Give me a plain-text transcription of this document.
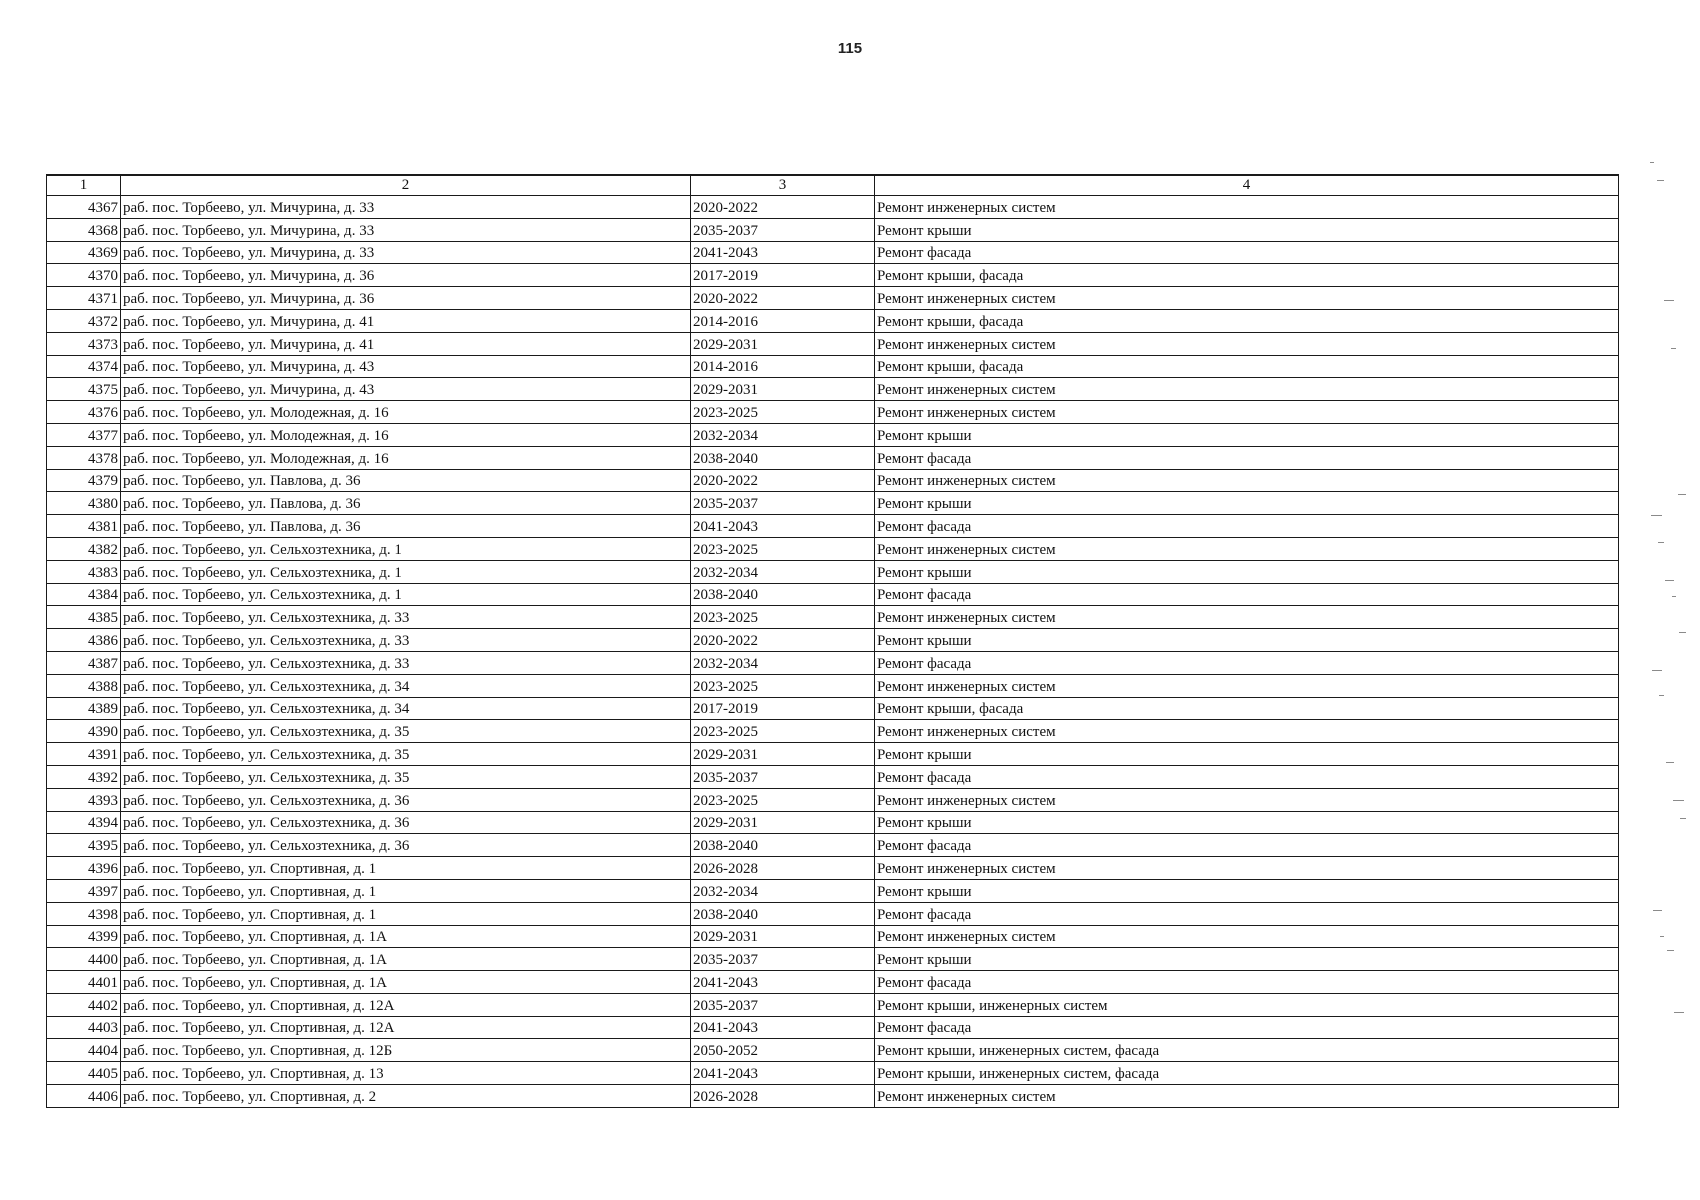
115
1	2	3	4
4367	раб. пос. Торбеево, ул. Мичурина, д. 33	2020-2022	Ремонт инженерных систем
4368	раб. пос. Торбеево, ул. Мичурина, д. 33	2035-2037	Ремонт крыши
4369	раб. пос. Торбеево, ул. Мичурина, д. 33	2041-2043	Ремонт фасада
4370	раб. пос. Торбеево, ул. Мичурина, д. 36	2017-2019	Ремонт крыши, фасада
4371	раб. пос. Торбеево, ул. Мичурина, д. 36	2020-2022	Ремонт инженерных систем
4372	раб. пос. Торбеево, ул. Мичурина, д. 41	2014-2016	Ремонт крыши, фасада
4373	раб. пос. Торбеево, ул. Мичурина, д. 41	2029-2031	Ремонт инженерных систем
4374	раб. пос. Торбеево, ул. Мичурина, д. 43	2014-2016	Ремонт крыши, фасада
4375	раб. пос. Торбеево, ул. Мичурина, д. 43	2029-2031	Ремонт инженерных систем
4376	раб. пос. Торбеево, ул. Молодежная, д. 16	2023-2025	Ремонт инженерных систем
4377	раб. пос. Торбеево, ул. Молодежная, д. 16	2032-2034	Ремонт крыши
4378	раб. пос. Торбеево, ул. Молодежная, д. 16	2038-2040	Ремонт фасада
4379	раб. пос. Торбеево, ул. Павлова, д. 36	2020-2022	Ремонт инженерных систем
4380	раб. пос. Торбеево, ул. Павлова, д. 36	2035-2037	Ремонт крыши
4381	раб. пос. Торбеево, ул. Павлова, д. 36	2041-2043	Ремонт фасада
4382	раб. пос. Торбеево, ул. Сельхозтехника, д. 1	2023-2025	Ремонт инженерных систем
4383	раб. пос. Торбеево, ул. Сельхозтехника, д. 1	2032-2034	Ремонт крыши
4384	раб. пос. Торбеево, ул. Сельхозтехника, д. 1	2038-2040	Ремонт фасада
4385	раб. пос. Торбеево, ул. Сельхозтехника, д. 33	2023-2025	Ремонт инженерных систем
4386	раб. пос. Торбеево, ул. Сельхозтехника, д. 33	2020-2022	Ремонт крыши
4387	раб. пос. Торбеево, ул. Сельхозтехника, д. 33	2032-2034	Ремонт фасада
4388	раб. пос. Торбеево, ул. Сельхозтехника, д. 34	2023-2025	Ремонт инженерных систем
4389	раб. пос. Торбеево, ул. Сельхозтехника, д. 34	2017-2019	Ремонт крыши, фасада
4390	раб. пос. Торбеево, ул. Сельхозтехника, д. 35	2023-2025	Ремонт инженерных систем
4391	раб. пос. Торбеево, ул. Сельхозтехника, д. 35	2029-2031	Ремонт крыши
4392	раб. пос. Торбеево, ул. Сельхозтехника, д. 35	2035-2037	Ремонт фасада
4393	раб. пос. Торбеево, ул. Сельхозтехника, д. 36	2023-2025	Ремонт инженерных систем
4394	раб. пос. Торбеево, ул. Сельхозтехника, д. 36	2029-2031	Ремонт крыши
4395	раб. пос. Торбеево, ул. Сельхозтехника, д. 36	2038-2040	Ремонт фасада
4396	раб. пос. Торбеево, ул. Спортивная, д. 1	2026-2028	Ремонт инженерных систем
4397	раб. пос. Торбеево, ул. Спортивная, д. 1	2032-2034	Ремонт крыши
4398	раб. пос. Торбеево, ул. Спортивная, д. 1	2038-2040	Ремонт фасада
4399	раб. пос. Торбеево, ул. Спортивная, д. 1А	2029-2031	Ремонт инженерных систем
4400	раб. пос. Торбеево, ул. Спортивная, д. 1А	2035-2037	Ремонт крыши
4401	раб. пос. Торбеево, ул. Спортивная, д. 1А	2041-2043	Ремонт фасада
4402	раб. пос. Торбеево, ул. Спортивная, д. 12А	2035-2037	Ремонт крыши, инженерных систем
4403	раб. пос. Торбеево, ул. Спортивная, д. 12А	2041-2043	Ремонт фасада
4404	раб. пос. Торбеево, ул. Спортивная, д. 12Б	2050-2052	Ремонт крыши, инженерных систем, фасада
4405	раб. пос. Торбеево, ул. Спортивная, д. 13	2041-2043	Ремонт крыши, инженерных систем, фасада
4406	раб. пос. Торбеево, ул. Спортивная, д. 2	2026-2028	Ремонт инженерных систем
